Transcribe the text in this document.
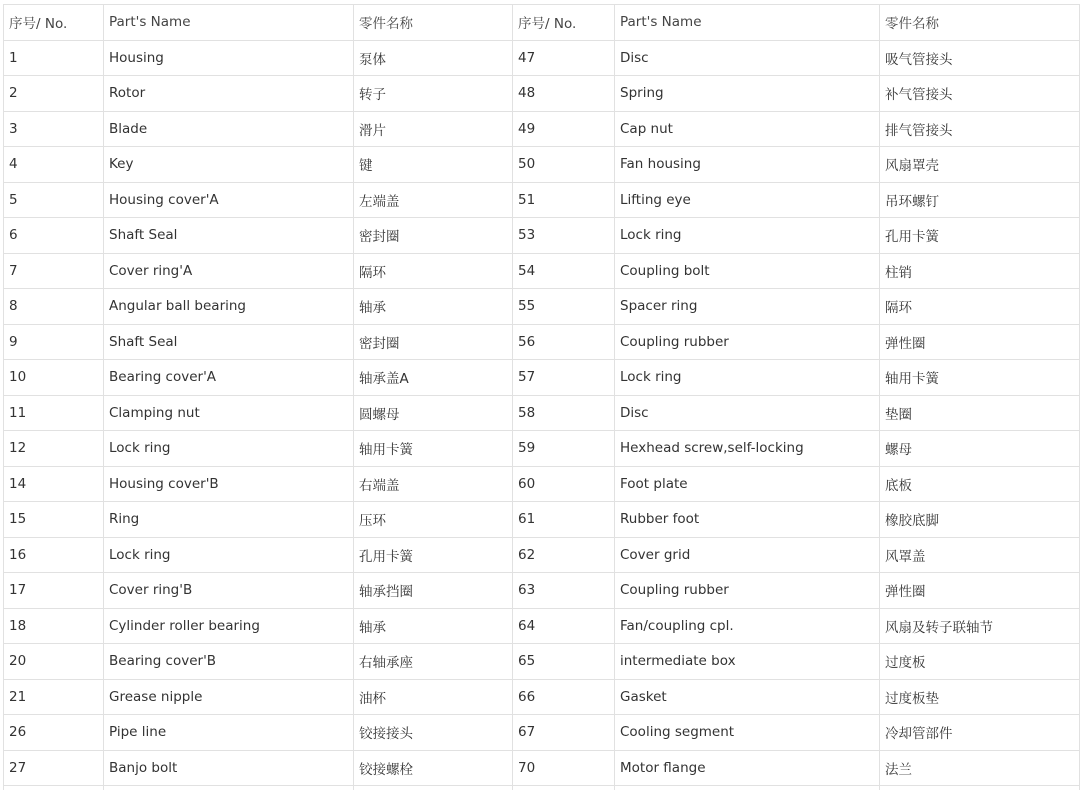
序号/ No.	Part's Name	零件名称	序号/ No.	Part's Name	零件名称
1	Housing	泵体	47	Disc	吸气管接头
2	Rotor	转子	48	Spring	补气管接头
3	Blade	滑片	49	Cap nut	排气管接头
4	Key	键	50	Fan housing	风扇罩壳
5	Housing cover'A	左端盖	51	Lifting eye	吊环螺钉
6	Shaft Seal	密封圈	53	Lock ring	孔用卡簧
7	Cover ring'A	隔环	54	Coupling bolt	柱销
8	Angular ball bearing	轴承	55	Spacer ring	隔环
9	Shaft Seal	密封圈	56	Coupling rubber	弹性圈
10	Bearing cover'A	轴承盖A	57	Lock ring	轴用卡簧
11	Clamping nut	圆螺母	58	Disc	垫圈
12	Lock ring	轴用卡簧	59	Hexhead screw,self-locking	螺母
14	Housing cover'B	右端盖	60	Foot plate	底板
15	Ring	压环	61	Rubber foot	橡胶底脚
16	Lock ring	孔用卡簧	62	Cover grid	风罩盖
17	Cover ring'B	轴承挡圈	63	Coupling rubber	弹性圈
18	Cylinder roller bearing	轴承	64	Fan/coupling cpl.	风扇及转子联轴节
20	Bearing cover'B	右轴承座	65	intermediate box	过度板
21	Grease nipple	油杯	66	Gasket	过度板垫
26	Pipe line	铰接接头	67	Cooling segment	冷却管部件
27	Banjo bolt	铰接螺栓	70	Motor flange	法兰
